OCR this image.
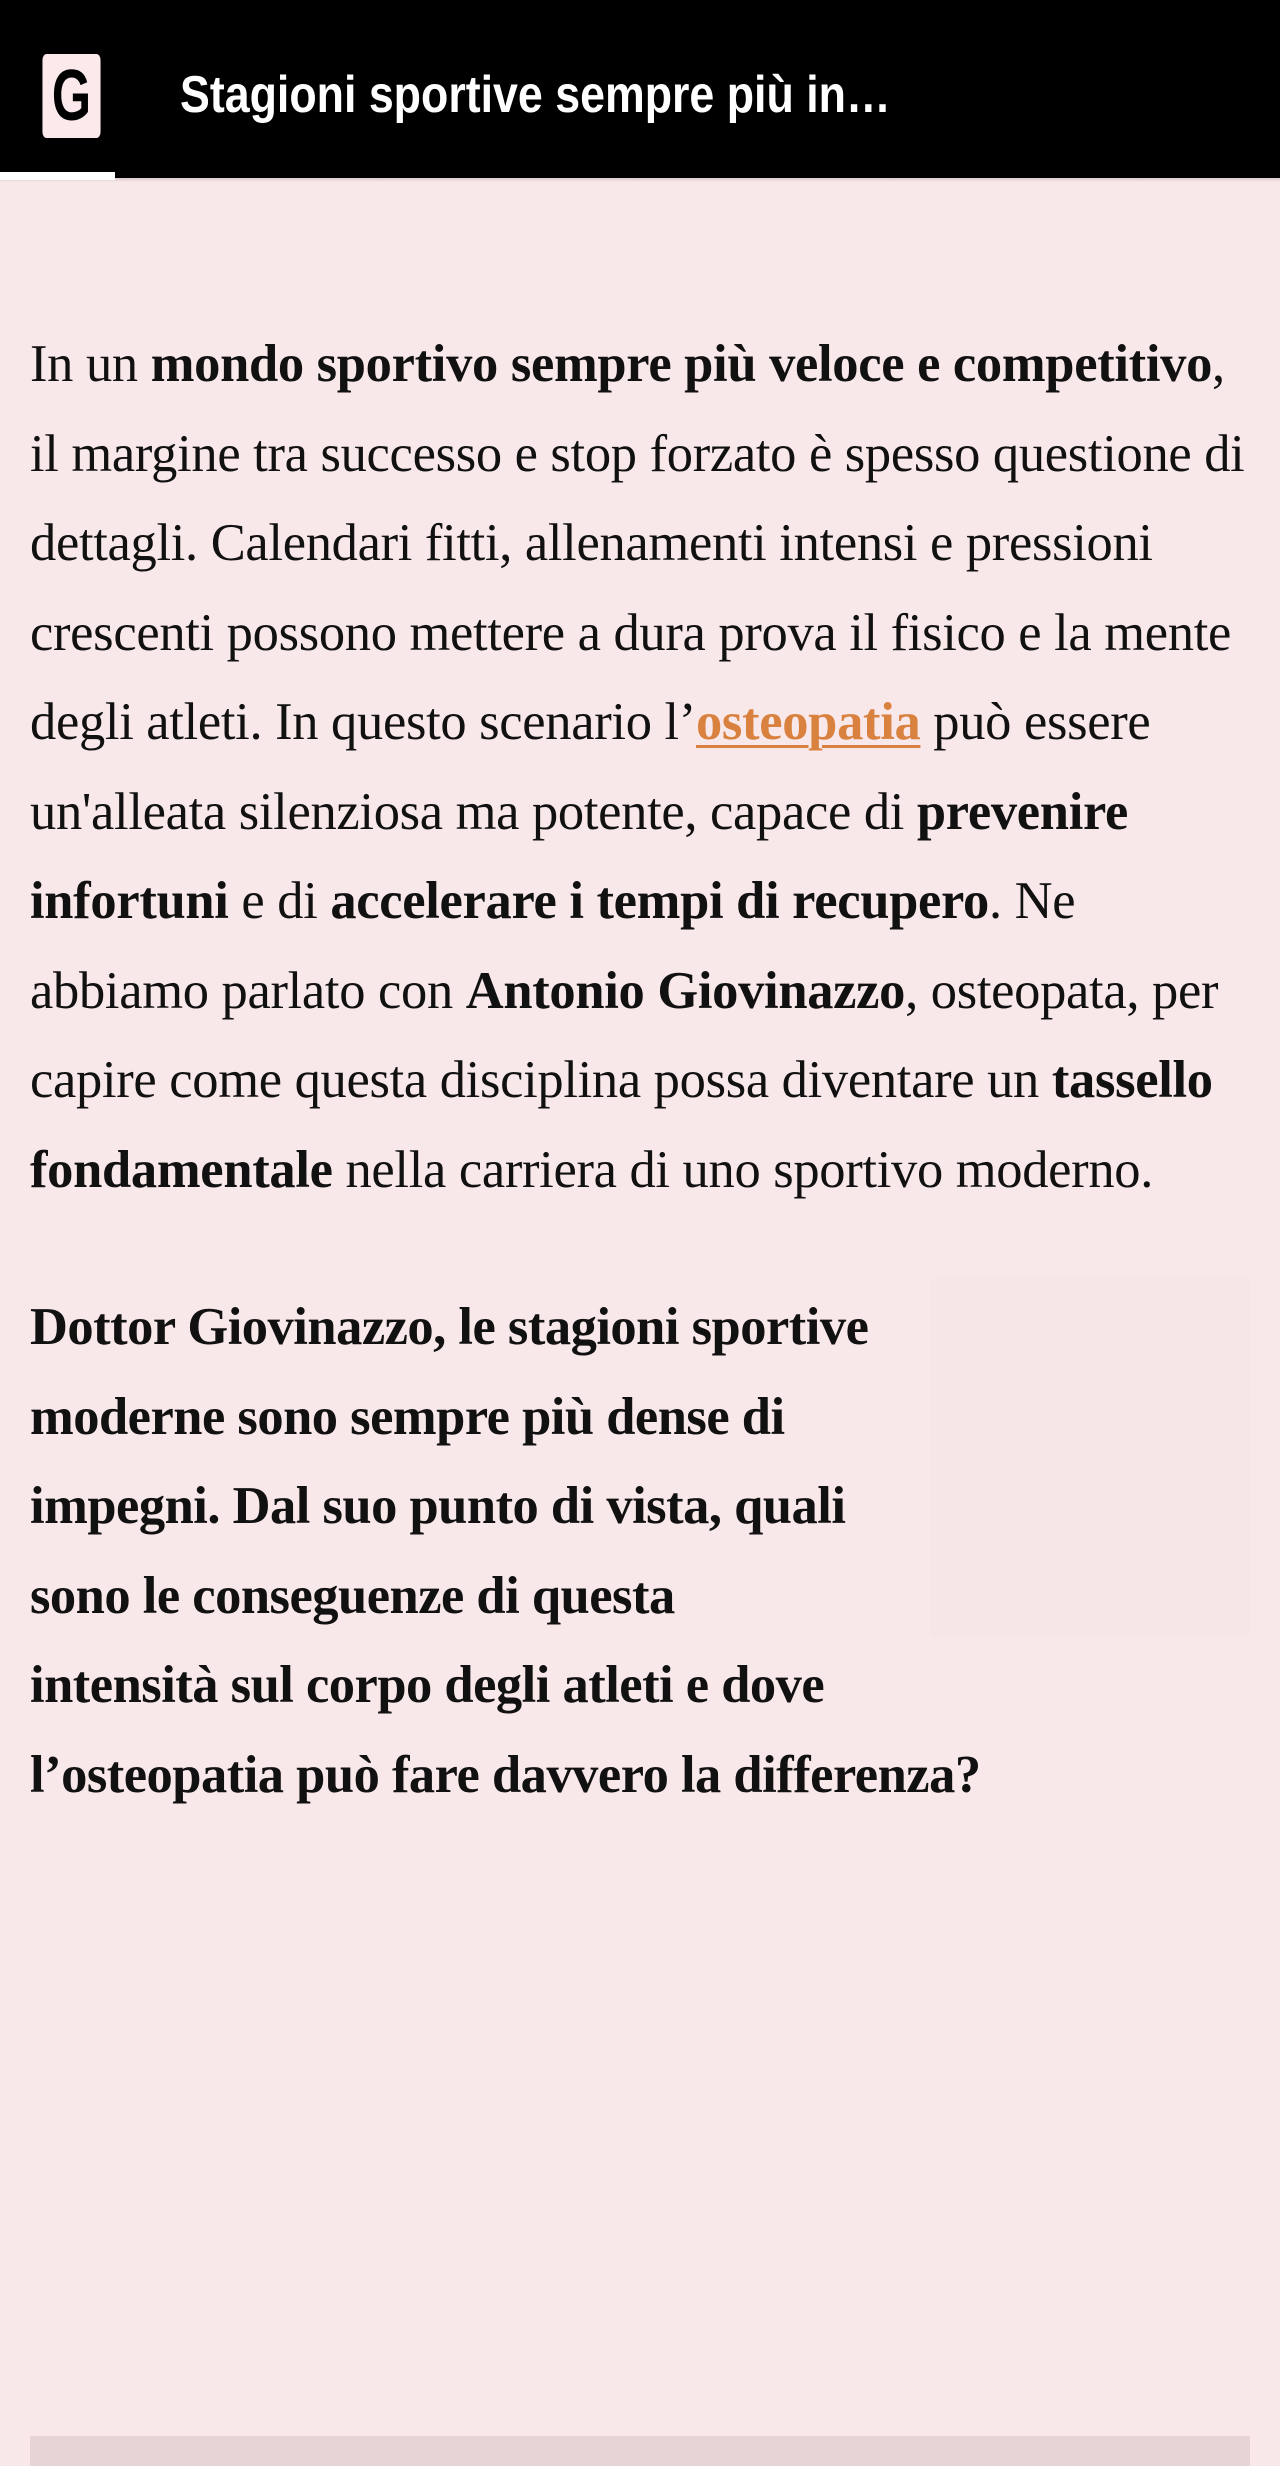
G Stagioni sportive sempre più in…

In un mondo sportivo sempre più veloce e competitivo, il margine tra successo e stop forzato è spesso questione di dettagli. Calendari fitti, allenamenti intensi e pressioni crescenti possono mettere a dura prova il fisico e la mente degli atleti. In questo scenario l’osteopatia può essere un'alleata silenziosa ma potente, capace di prevenire infortuni e di accelerare i tempi di recupero. Ne abbiamo parlato con Antonio Giovinazzo, osteopata, per capire come questa disciplina possa diventare un tassello fondamentale nella carriera di uno sportivo moderno.

Dottor Giovinazzo, le stagioni sportive moderne sono sempre più dense di impegni. Dal suo punto di vista, quali sono le conseguenze di questa intensità sul corpo degli atleti e dove l’osteopatia può fare davvero la differenza?
